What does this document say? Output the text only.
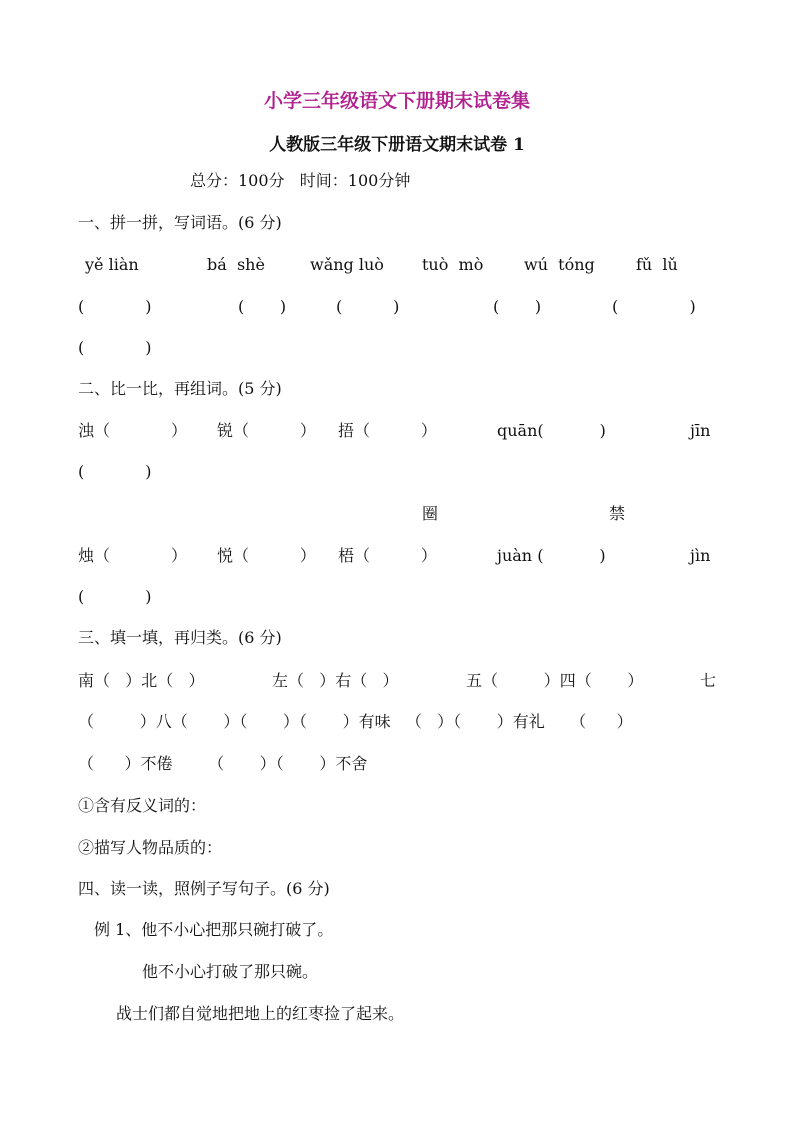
小学三年级语文下册期末试卷集
人教版三年级下册语文期末试卷 1
总分：100分   时间：100分钟
一、拼一拼，写词语。(6 分)
yě liàn	bá  shè	wǎng luò tuò  mò	wú  tóng	fǔ  lǔ
(            )	(       )	(          )	(       )	(              )
(            )
二、比一比，再组词。(5 分)
浊（            ） 锐（          ） 捂（          ）	quān(           )	jīn
(            )
圈	禁
烛（            ） 悦（          ） 梧（          ）	juàn (           )	jìn
(            )
三、填一填，再归类。(6 分)
南（   ）北（   ）	左（   ）右（   ）	五（         ）四（       ）	七
（         ）八（       ）（       ）（       ）有味   （   ）（       ）有礼     （      ）
（      ）不倦       （       ）（       ）不舍
①含有反义词的：
②描写人物品质的：
四、读一读，照例子写句子。(6 分)
例 1、他不小心把那只碗打破了。
他不小心打破了那只碗。
战士们都自觉地把地上的红枣捡了起来。
